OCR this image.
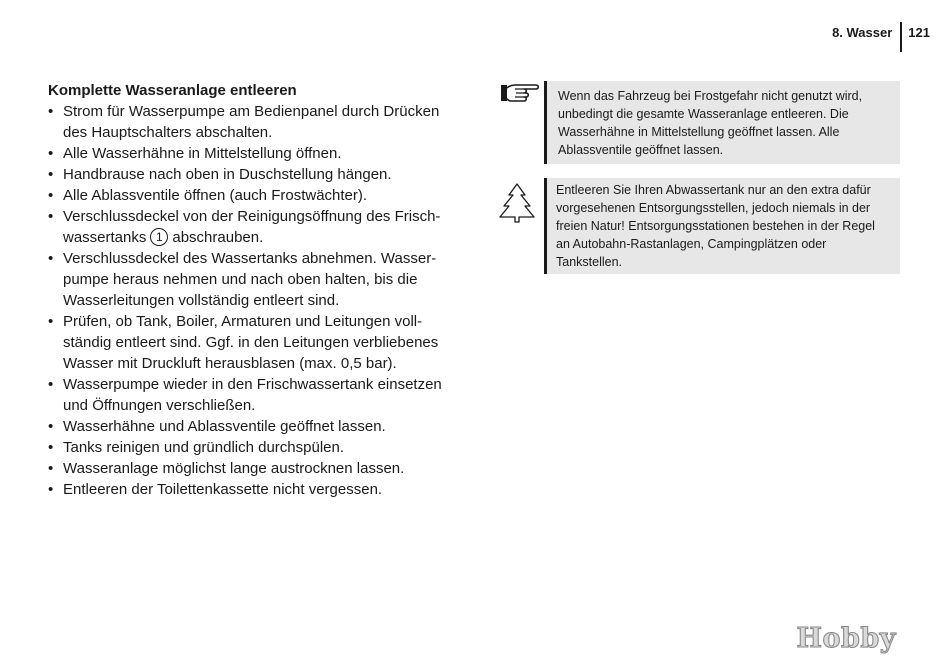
8. Wasser	121
Komplette Wasseranlage entleeren
• Strom für Wasserpumpe am Bedienpanel durch Drücken des Hauptschalters abschalten.
• Alle Wasserhähne in Mittelstellung öffnen.
• Handbrause nach oben in Duschstellung hängen.
• Alle Ablassventile öffnen (auch Frostwächter).
• Verschlussdeckel von der Reinigungsöffnung des Frisch-wassertanks 1 abschrauben.
• Verschlussdeckel des Wassertanks abnehmen. Wasser-pumpe heraus nehmen und nach oben halten, bis die Wasserleitungen vollständig entleert sind.
• Prüfen, ob Tank, Boiler, Armaturen und Leitungen voll-ständig entleert sind. Ggf. in den Leitungen verbliebenes Wasser mit Druckluft herausblasen (max. 0,5 bar).
• Wasserpumpe wieder in den Frischwassertank einsetzen und Öffnungen verschließen.
• Wasserhähne und Ablassventile geöffnet lassen.
• Tanks reinigen und gründlich durchspülen.
• Wasseranlage möglichst lange austrocknen lassen.
• Entleeren der Toilettenkassette nicht vergessen.
Wenn das Fahrzeug bei Frostgefahr nicht genutzt wird, unbedingt die gesamte Wasseranlage entleeren. Die Wasserhähne in Mittelstellung geöffnet lassen. Alle Ablassventile geöffnet lassen.
Entleeren Sie Ihren Abwassertank nur an den extra dafür vorgesehenen Entsorgungsstellen, jedoch niemals in der freien Natur! Entsorgungsstationen bestehen in der Regel an Autobahn-Rastanlagen, Campingplätzen oder Tankstellen.
Hobby
